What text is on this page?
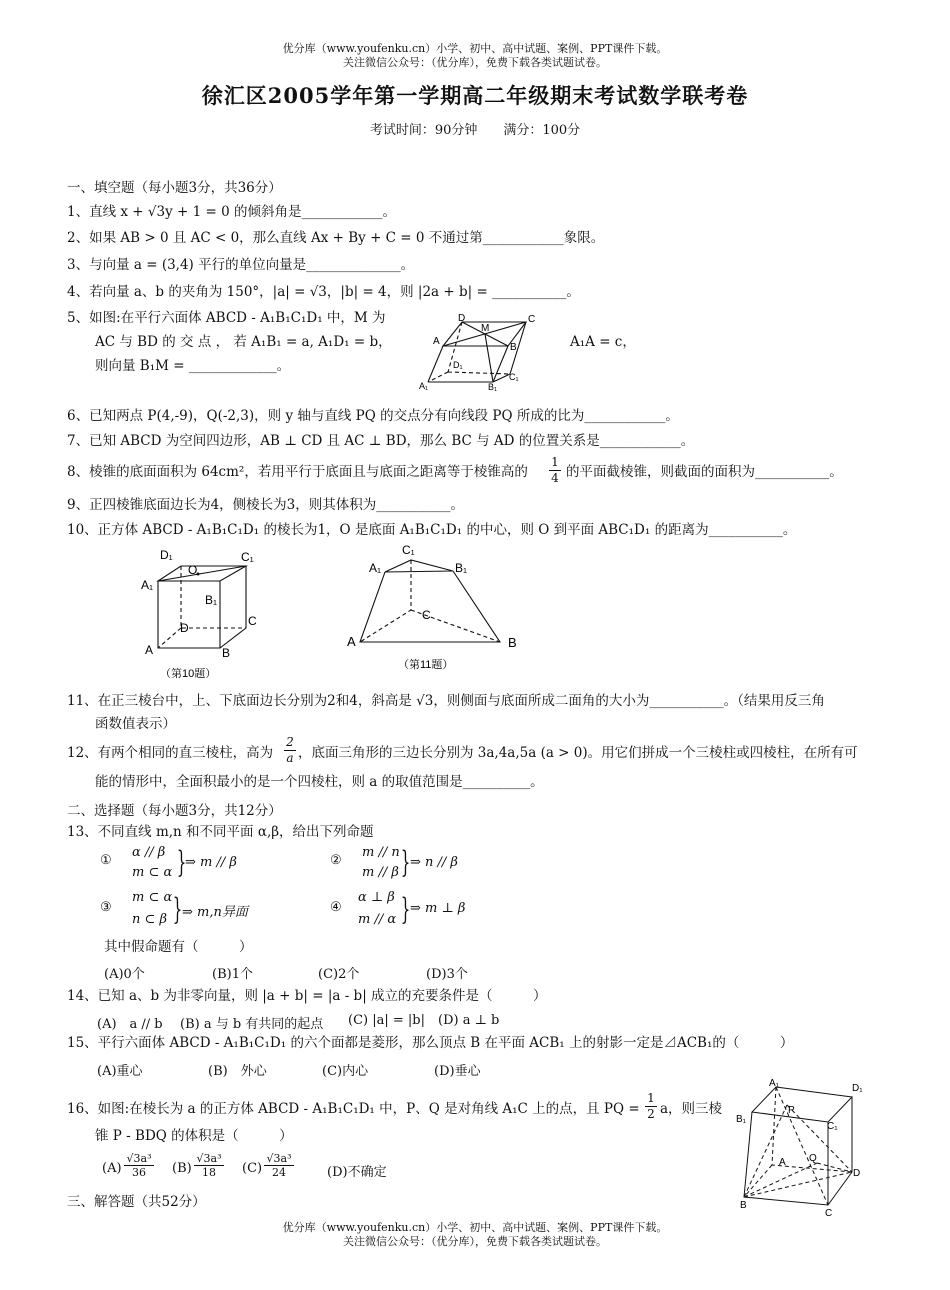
优分库（www.youfenku.cn）小学、初中、高中试题、案例、PPT课件下载。
关注微信公众号：（优分库），免费下载各类试题试卷。
徐汇区2005学年第一学期高二年级期末考试数学联考卷
考试时间：90分钟　　满分：100分
一、填空题（每小题3分，共36分）
1、直线 x + √3y + 1 = 0 的倾斜角是____________。
2、如果 AB > 0 且 AC < 0，那么直线 Ax + By + C = 0 不通过第____________象限。
3、与向量 a = (3,4) 平行的单位向量是______________。
4、若向量 a、b 的夹角为 150°，|a| = √3，|b| = 4，则 |2a + b| = ___________。
5、如图:在平行六面体 ABCD - A₁B₁C₁D₁ 中，M 为
AC 与 BD 的 交 点 ， 若 A₁B₁ = a, A₁D₁ = b，	A₁A = c，
则向量 B₁M = _____________。
D
M
C
A
B
D₁
A₁	B₁
C₁
6、已知两点 P(4,-9)，Q(-2,3)，则 y 轴与直线 PQ 的交点分有向线段 PQ 所成的比为____________。
7、已知 ABCD 为空间四边形，AB ⊥ CD 且 AC ⊥ BD，那么 BC 与 AD 的位置关系是____________。
8、棱锥的底面面积为 64cm²，若用平行于底面且与底面之距离等于棱锥高的 $\frac{1}{4}$ 的平面截棱锥，则截面的面积为___________。
9、正四棱锥底面边长为4，侧棱长为3，则其体积为___________。
10、正方体 ABCD - A₁B₁C₁D₁ 的棱长为1，O 是底面 A₁B₁C₁D₁ 的中心，则 O 到平面 ABC₁D₁ 的距离为___________。
D₁	C₁
A₁
O
B₁
D	C
A	B
（第10题）
C₁
A₁	B₁
C
A	B
（第11题）
11、在正三棱台中，上、下底面边长分别为2和4，斜高是 √3，则侧面与底面所成二面角的大小为___________。（结果用反三角
函数值表示）
12、有两个相同的直三棱柱，高为 $\frac{2}{a}$ ，底面三角形的三边长分别为 3a,4a,5a (a > 0)。用它们拼成一个三棱柱或四棱柱，在所有可
能的情形中，全面积最小的是一个四棱柱，则 a 的取值范围是__________。
二、选择题（每小题3分，共12分）
13、不同直线 m,n 和不同平面 α,β，给出下列命题
①
α // β
m ⊂ α }
⇒ m // β	②
m // n
m // β } ⇒ n // β
③
m ⊂ α
n ⊂ β } ⇒ m,n异面	④
α ⊥ β
m // α } ⇒ m ⊥ β
其中假命题有（　　　）
(A)0个	(B)1个	(C)2个	(D)3个
14、已知 a、b 为非零向量，则 |a + b| = |a - b| 成立的充要条件是（　　　）
(A)　a // b (B) a 与 b 有共同的起点 (C) |a| = |b| (D) a ⊥ b
15、平行六面体 ABCD - A₁B₁C₁D₁ 的六个面都是菱形，那么顶点 B 在平面 ACB₁ 上的射影一定是⊿ACB₁的（　　　）
(A)重心	(B)　外心	(C)内心	(D)垂心
16、如图:在棱长为 a 的正方体 ABCD - A₁B₁C₁D₁ 中，P、Q 是对角线 A₁C 上的点，且 PQ = $\frac{1}{2}$ a，则三棱
锥 P - BDQ 的体积是（　　　）
(A)
√3a³
36	(B)
√3a³
18	(C)
√3a³
24	(D)不确定
A₁	D₁
B₁
P
C₁
A Q
D
B
C
三、解答题（共52分）
优分库（www.youfenku.cn）小学、初中、高中试题、案例、PPT课件下载。
关注微信公众号：（优分库），免费下载各类试题试卷。
